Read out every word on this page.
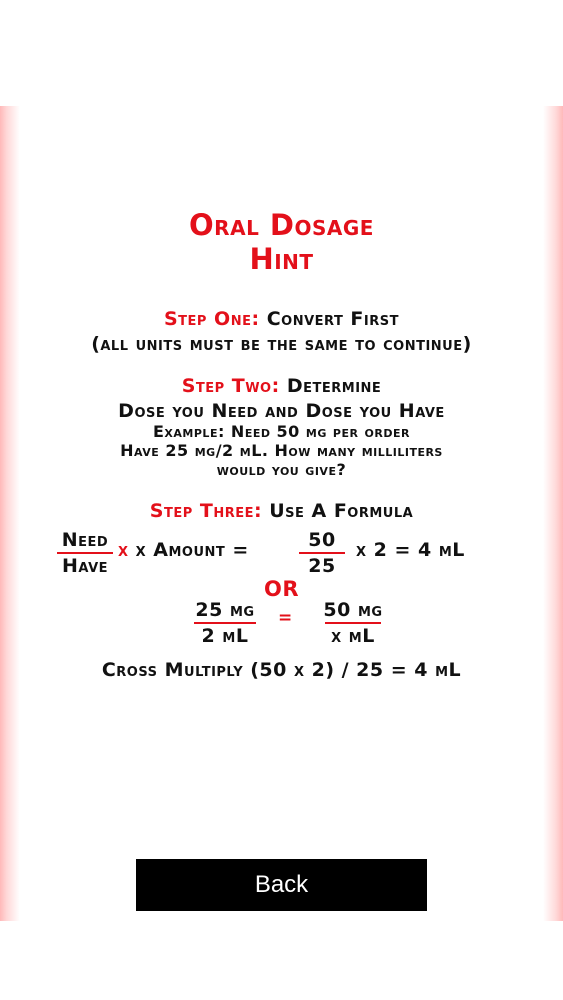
Oral Dosage
Hint
Step One: Convert First
(all units must be the same to continue)
Step Two: Determine
Dose you Need and Dose you Have
Example: Need 50 mg per order
Have 25 mg/2 mL. How many milliliters
would you give?
Step Three: Use A Formula
Need
Have
x x Amount =	50
25
x 2 = 4 mL
OR
25 mg
2 mL
=	50 mg
x mL
Cross Multiply (50 x 2) / 25 = 4 mL
Back
